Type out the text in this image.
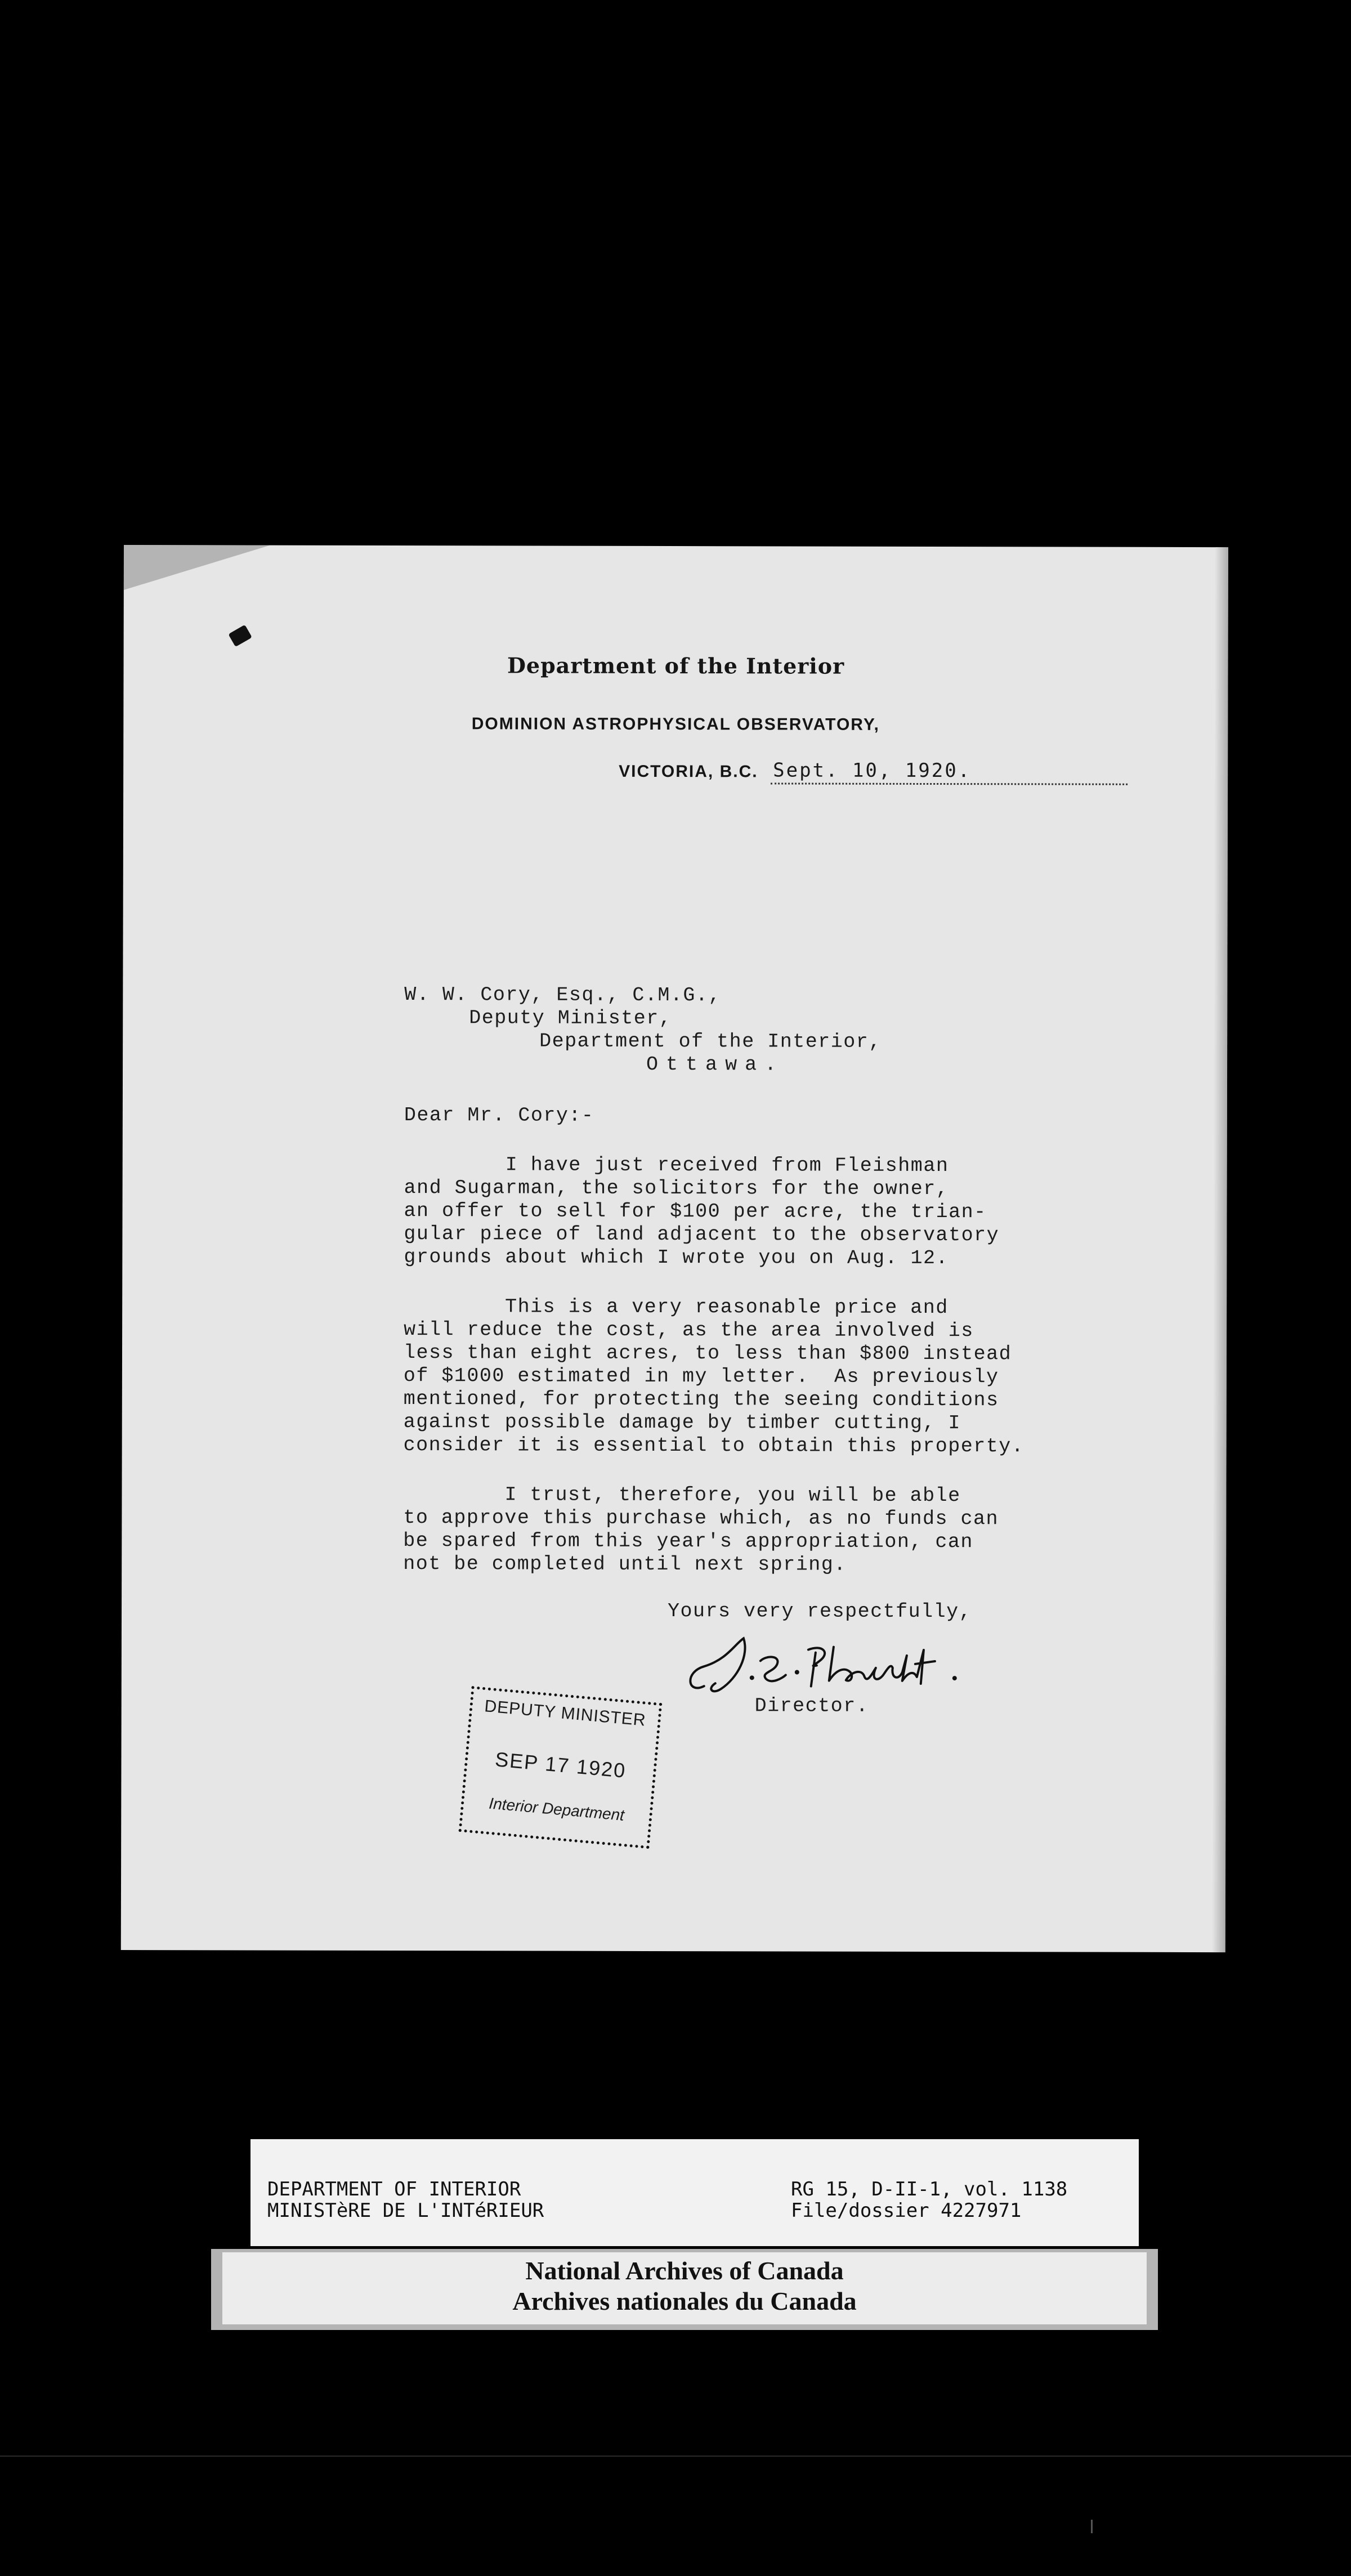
Department of the Interior
DOMINION ASTROPHYSICAL OBSERVATORY,
VICTORIA, B.C. Sept. 10, 1920.
W. W. Cory, Esq., C.M.G.,
Deputy Minister,
Department of the Interior,
Ottawa.
Dear Mr. Cory:-
I have just received from Fleishman
and Sugarman, the solicitors for the owner,
an offer to sell for $100 per acre, the trian-
gular piece of land adjacent to the observatory
grounds about which I wrote you on Aug. 12.
This is a very reasonable price and
will reduce the cost, as the area involved is
less than eight acres, to less than $800 instead
of $1000 estimated in my letter.  As previously
mentioned, for protecting the seeing conditions
against possible damage by timber cutting, I
consider it is essential to obtain this property.
I trust, therefore, you will be able
to approve this purchase which, as no funds can
be spared from this year's appropriation, can
not be completed until next spring.
Yours very respectfully,
Director.
DEPUTY MINISTER
SEP 17 1920
Interior Department
DEPARTMENT OF INTERIOR
MINISTèRE DE L'INTéRIEUR
RG 15, D-II-1, vol. 1138
File/dossier 4227971
National Archives of Canada
Archives nationales du Canada
